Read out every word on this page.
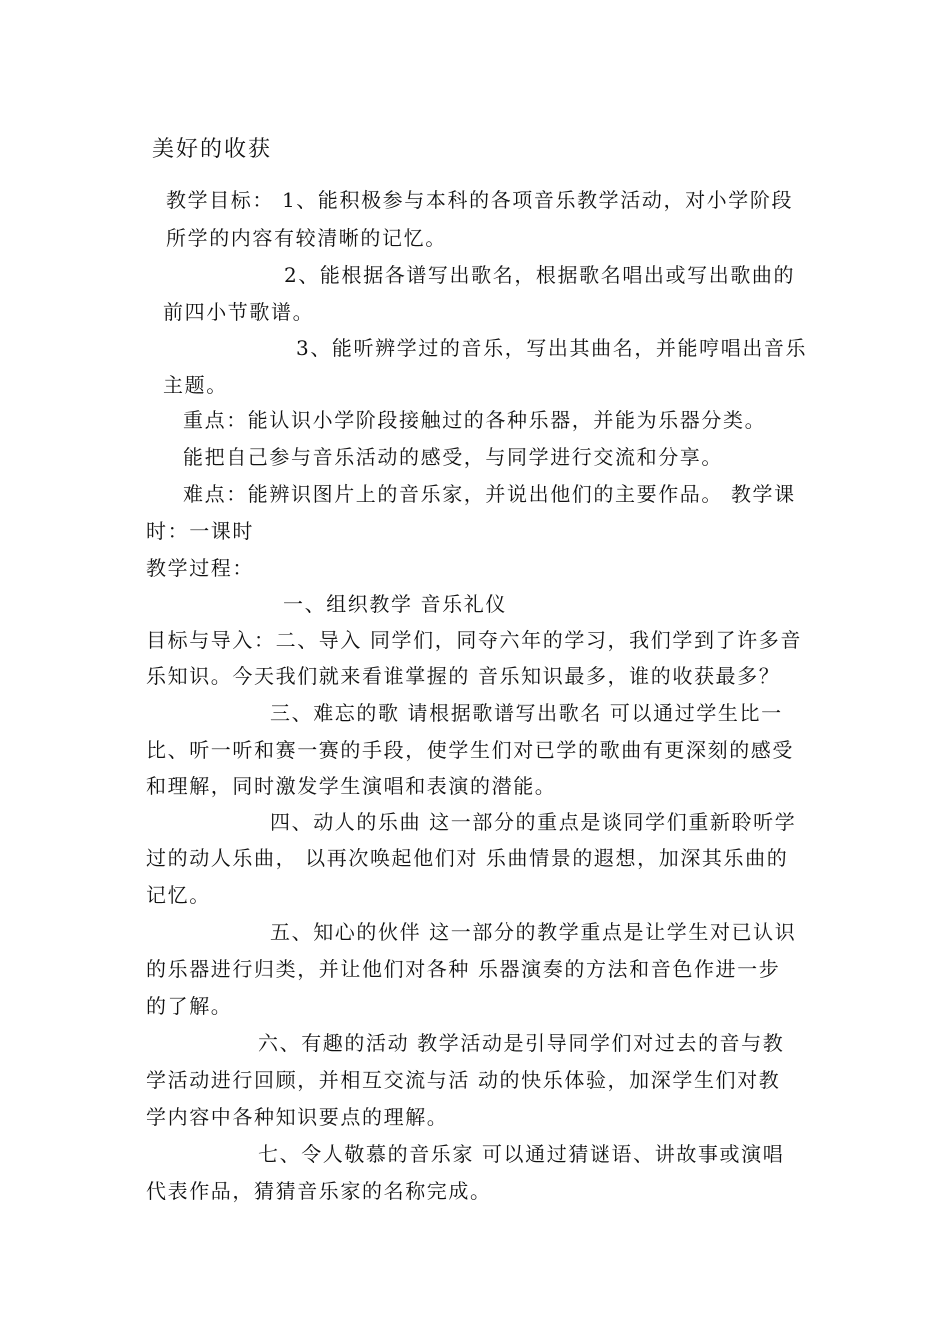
美好的收获
教学目标： 1、能积极参与本科的各项音乐教学活动，对小学阶段
所学的内容有较清晰的记忆。
2、能根据各谱写出歌名，根据歌名唱出或写出歌曲的
前四小节歌谱。
3、能听辨学过的音乐，写出其曲名，并能哼唱出音乐
主题。
重点：能认识小学阶段接触过的各种乐器，并能为乐器分类。
能把自己参与音乐活动的感受，与同学进行交流和分享。
难点：能辨识图片上的音乐家，并说出他们的主要作品。 教学课
时：一课时
教学过程：
一、组织教学 音乐礼仪
目标与导入：二、导入 同学们，同夺六年的学习，我们学到了许多音
乐知识。今天我们就来看谁掌握的 音乐知识最多，谁的收获最多？
三、难忘的歌 请根据歌谱写出歌名 可以通过学生比一
比、听一听和赛一赛的手段，使学生们对已学的歌曲有更深刻的感受
和理解，同时激发学生演唱和表演的潜能。
四、动人的乐曲 这一部分的重点是谈同学们重新聆听学
过的动人乐曲， 以再次唤起他们对 乐曲情景的遐想，加深其乐曲的
记忆。
五、知心的伙伴 这一部分的教学重点是让学生对已认识
的乐器进行归类，并让他们对各种 乐器演奏的方法和音色作进一步
的了解。
六、有趣的活动 教学活动是引导同学们对过去的音与教
学活动进行回顾，并相互交流与活 动的快乐体验，加深学生们对教
学内容中各种知识要点的理解。
七、令人敬慕的音乐家 可以通过猜谜语、讲故事或演唱
代表作品，猜猜音乐家的名称完成。
